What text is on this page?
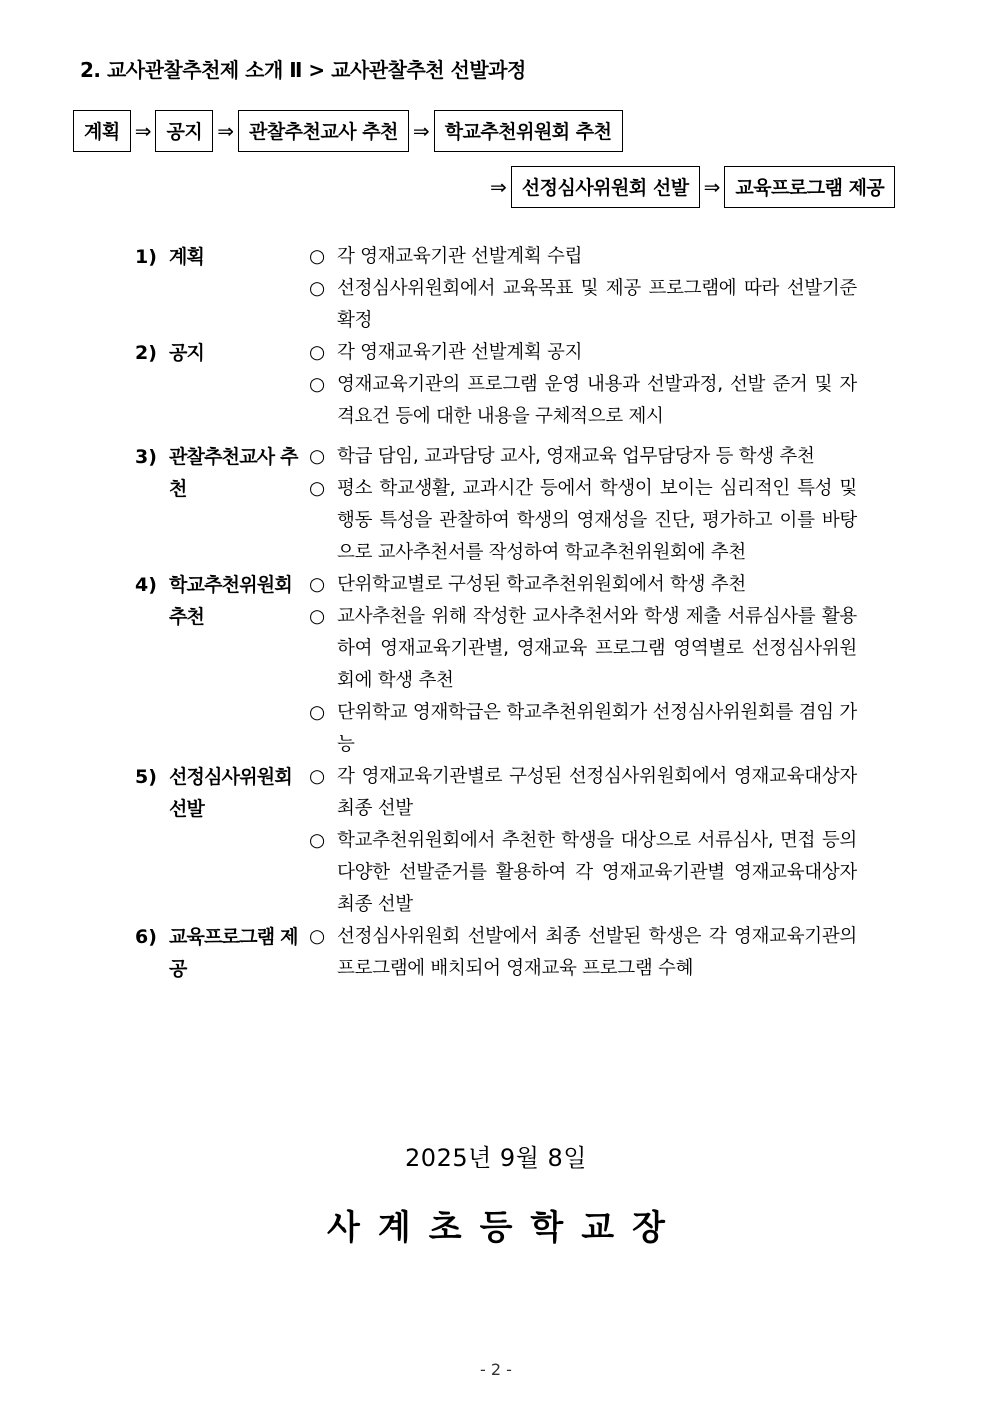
2. 교사관찰추천제 소개 Ⅱ > 교사관찰추천 선발과정
계획 ⇒ 공지 ⇒ 관찰추천교사 추천 ⇒ 학교추천위원회 추천
⇒ 선정심사위원회 선발 ⇒ 교육프로그램 제공
1) 계획	○ 각 영재교육기관 선발계획 수립
○ 선정심사위원회에서 교육목표 및 제공 프로그램에 따라 선발기준 확정
2) 공지	○ 각 영재교육기관 선발계획 공지
○ 영재교육기관의 프로그램 운영 내용과 선발과정, 선발 준거 및 자격요건 등에 대한 내용을 구체적으로 제시
3) 관찰추천교사 추천
○ 학급 담임, 교과담당 교사, 영재교육 업무담당자 등 학생 추천
○ 평소 학교생활, 교과시간 등에서 학생이 보이는 심리적인 특성 및 행동 특성을 관찰하여 학생의 영재성을 진단, 평가하고 이를 바탕으로 교사추천서를 작성하여 학교추천위원회에 추천
4) 학교추천위원회 추천
○ 단위학교별로 구성된 학교추천위원회에서 학생 추천
○ 교사추천을 위해 작성한 교사추천서와 학생 제출 서류심사를 활용하여 영재교육기관별, 영재교육 프로그램 영역별로 선정심사위원회에 학생 추천
○ 단위학교 영재학급은 학교추천위원회가 선정심사위원회를 겸임 가능
5) 선정심사위원회 선발
○ 각 영재교육기관별로 구성된 선정심사위원회에서 영재교육대상자 최종 선발
○ 학교추천위원회에서 추천한 학생을 대상으로 서류심사, 면접 등의 다양한 선발준거를 활용하여 각 영재교육기관별 영재교육대상자 최종 선발
6) 교육프로그램 제공
○ 선정심사위원회 선발에서 최종 선발된 학생은 각 영재교육기관의 프로그램에 배치되어 영재교육 프로그램 수혜
2025년 9월 8일
사계초등학교장
- 2 -
